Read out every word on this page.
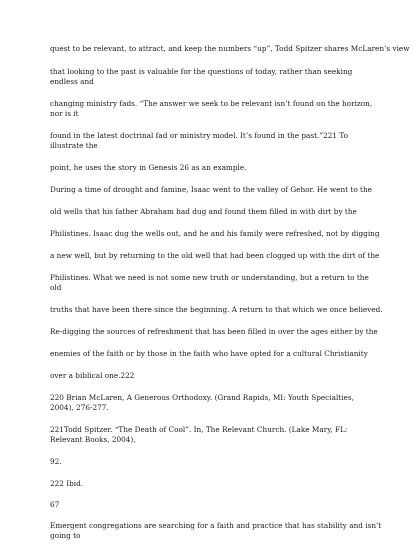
quest to be relevant, to attract, and keep the numbers “up”, Todd Spitzer shares McLaren’s view

that looking to the past is valuable for the questions of today, rather than seeking

endless and

changing ministry fads. “The answer we seek to be relevant isn’t found on the horizon,

nor is it

found in the latest doctrinal fad or ministry model. It’s found in the past.”221 To

illustrate the

point, he uses the story in Genesis 26 as an example.

During a time of drought and famine, Isaac went to the valley of Gehor. He went to the

old wells that his father Abraham had dug and found them filled in with dirt by the

Philistines. Isaac dug the wells out, and he and his family were refreshed, not by digging

a new well, but by returning to the old well that had been clogged up with the dirt of the

Philistines. What we need is not some new truth or understanding, but a return to the

old

truths that have been there since the beginning. A return to that which we once believed.

Re-digging the sources of refreshment that has been filled in over the ages either by the

enemies of the faith or by those in the faith who have opted for a cultural Christianity

over a biblical one.222

220 Brian McLaren, A Generous Orthodoxy. (Grand Rapids, MI: Youth Specialties,

2004), 276-277.

221Todd Spitzer. “The Death of Cool”. In, The Relevant Church. (Lake Mary, FL:

Relevant Books, 2004),

92.

222 Ibid.

67

Emergent congregations are searching for a faith and practice that has stability and isn’t

going to
